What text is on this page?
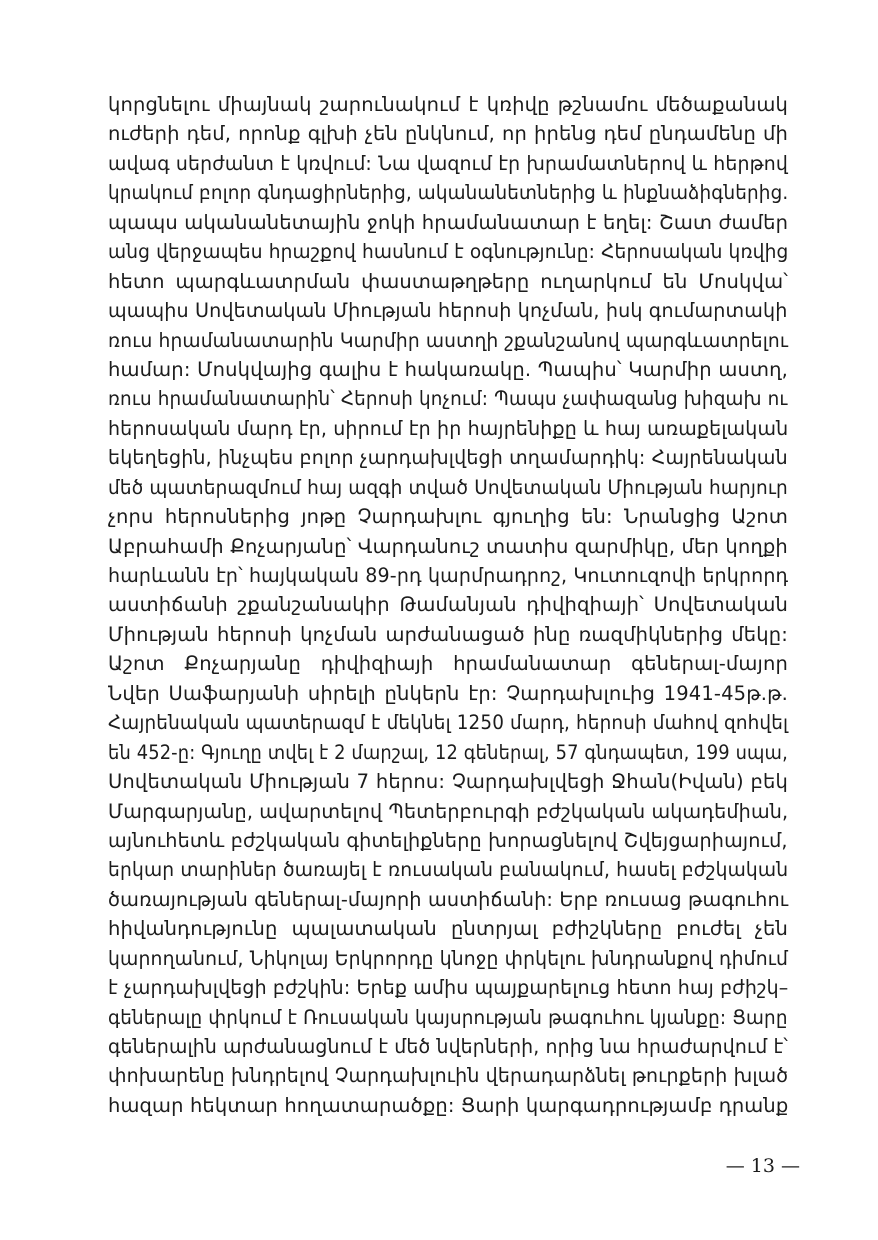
կորցնելու միայնակ շարունակում է կռիվը թշնամու մեծաքանակ
ուժերի դեմ, որոնք գլխի չեն ընկնում, որ իրենց դեմ ընդամենը մի
ավագ սերժանտ է կռվում: Նա վազում էր խրամատներով և հերթով
կրակում բոլոր գնդացիրներից, ականանետներից և ինքնաձիգներից.
պապս ականանետային ջոկի հրամանատար է եղել: Շատ ժամեր
անց վերջապես հրաշքով հասնում է օգնությունը: Հերոսական կռվից
հետո պարգևատրման փաստաթղթերը ուղարկում են Մոսկվա՝
պապիս Սովետական Միության հերոսի կոչման, իսկ գումարտակի
ռուս հրամանատարին Կարմիր աստղի շքանշանով պարգևատրելու
համար: Մոսկվայից գալիս է հակառակը. Պապիս՝ Կարմիր աստղ,
ռուս հրամանատարին՝ Հերոսի կոչում: Պապս չափազանց խիզախ ու
հերոսական մարդ էր, սիրում էր իր հայրենիքը և հայ առաքելական
եկեղեցին, ինչպես բոլոր չարդախլվեցի տղամարդիկ: Հայրենական
մեծ պատերազմում հայ ազգի տված Սովետական Միության հարյուր
չորս հերոսներից յոթը Չարդախլու գյուղից են: Նրանցից Աշոտ
Աբրահամի Քոչարյանը՝ Վարդանուշ տատիս զարմիկը, մեր կողքի
հարևանն էր՝ հայկական 89-րդ կարմրադրոշ, Կուտուզովի երկրորդ
աստիճանի շքանշանակիր Թամանյան դիվիզիայի՝ Սովետական
Միության հերոսի կոչման արժանացած ինը ռազմիկներից մեկը:
Աշոտ Քոչարյանը դիվիզիայի հրամանատար գեներալ-մայոր
Նվեր Սաֆարյանի սիրելի ընկերն էր: Չարդախլուից 1941-45թ.թ.
Հայրենական պատերազմ է մեկնել 1250 մարդ, հերոսի մահով զոհվել
են 452-ը: Գյուղը տվել է 2 մարշալ, 12 գեներալ, 57 գնդապետ, 199 սպա,
Սովետական Միության 7 հերոս: Չարդախլվեցի Ջհան(Իվան) բեկ
Մարգարյանը, ավարտելով Պետերբուրգի բժշկական ակադեմիան,
այնուհետև բժշկական գիտելիքները խորացնելով Շվեյցարիայում,
երկար տարիներ ծառայել է ռուսական բանակում, հասել բժշկական
ծառայության գեներալ-մայորի աստիճանի: Երբ ռուսաց թագուհու
հիվանդությունը պալատական ընտրյալ բժիշկները բուժել չեն
կարողանում, Նիկոլայ Երկրորդը կնոջը փրկելու խնդրանքով դիմում
է չարդախլվեցի բժշկին: Երեք ամիս պայքարելուց հետո հայ բժիշկ–
գեներալը փրկում է Ռուսական կայսրության թագուհու կյանքը: Ցարը
գեներալին արժանացնում է մեծ նվերների, որից նա հրաժարվում է՝
փոխարենը խնդրելով Չարդախլուին վերադարձնել թուրքերի խլած
հազար հեկտար հողատարածքը: Ցարի կարգադրությամբ դրանք
— 13 —
